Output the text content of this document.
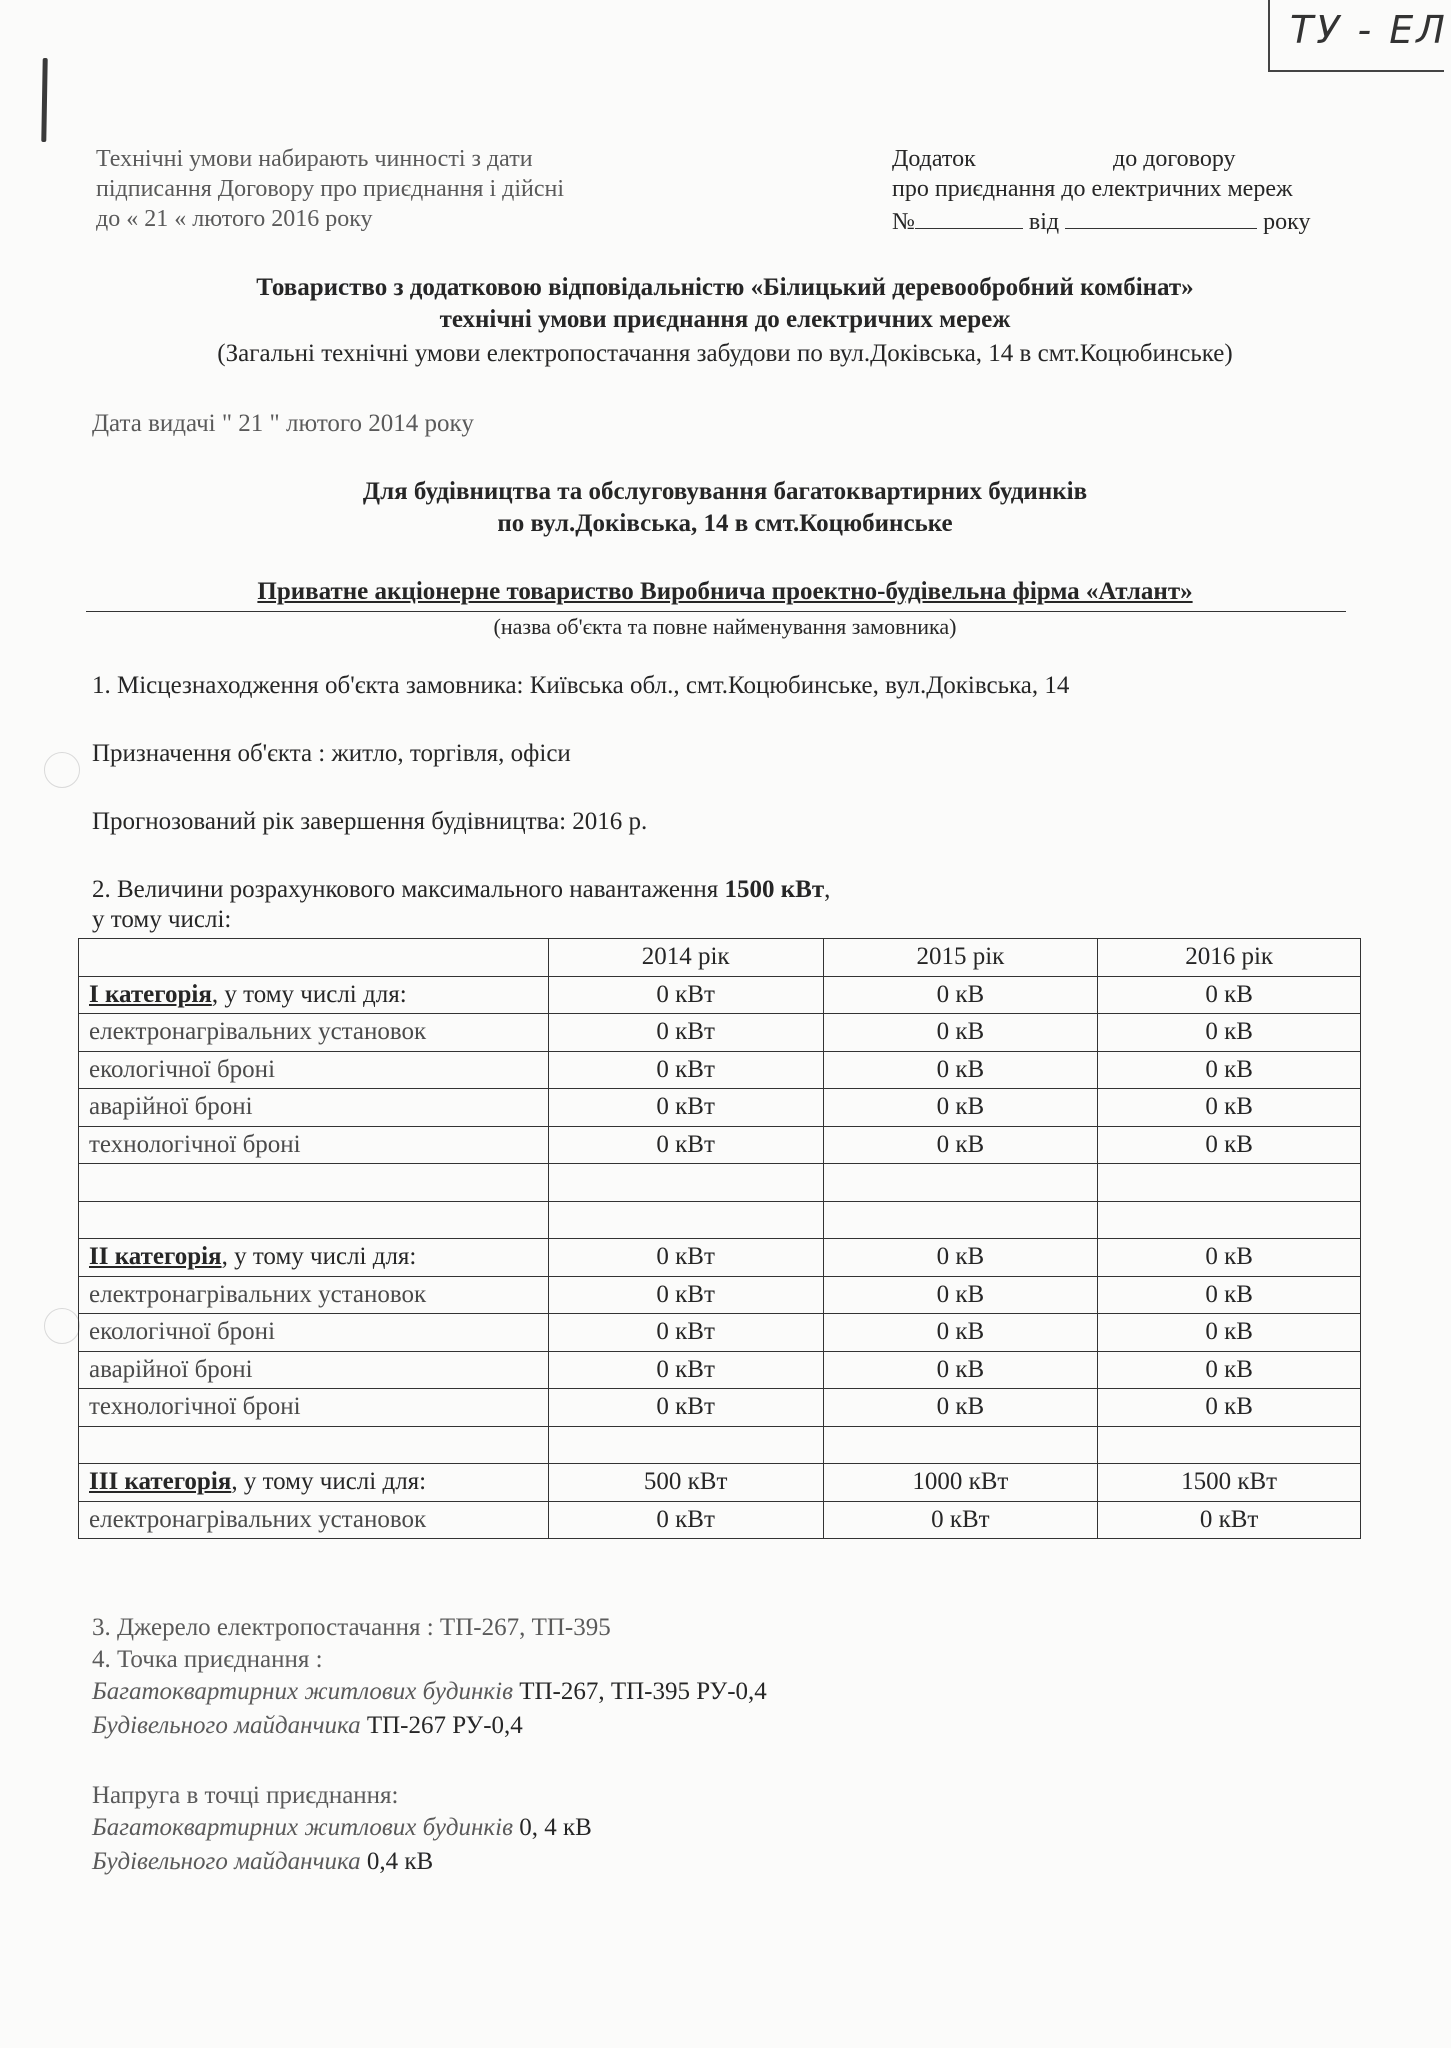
ТУ - ЕЛ
Технічні умови набирають чинності з дати
підписання Договору про приєднання і дійсні
до « 21 « лютого 2016 року
Додаток	до договору
про приєднання до електричних мереж
№	від	року
Товариство з додатковою відповідальністю «Білицький деревообробний комбінат»
технічні умови приєднання до електричних мереж
(Загальні технічні умови електропостачання забудови по вул.Доківська, 14 в смт.Коцюбинське)
Дата видачі " 21 " лютого 2014 року
Для будівництва та обслуговування багатоквартирних будинків
по вул.Доківська, 14 в смт.Коцюбинське
Приватне акціонерне товариство Виробнича проектно-будівельна фірма «Атлант»
(назва об'єкта та повне найменування замовника)
1. Місцезнаходження об'єкта замовника: Київська обл., смт.Коцюбинське, вул.Доківська, 14
Призначення об'єкта : житло, торгівля, офіси
Прогнозований рік завершення будівництва: 2016 р.
2. Величини розрахункового максимального навантаження 1500 кВт,
у тому числі:
	2014 рік	2015 рік	2016 рік
I категорія, у тому числі для:	0 кВт	0 кВ	0 кВ
електронагрівальних установок	0 кВт	0 кВ	0 кВ
екологічної броні	0 кВт	0 кВ	0 кВ
аварійної броні	0 кВт	0 кВ	0 кВ
технологічної броні	0 кВт	0 кВ	0 кВ

II категорія, у тому числі для:	0 кВт	0 кВ	0 кВ
електронагрівальних установок	0 кВт	0 кВ	0 кВ
екологічної броні	0 кВт	0 кВ	0 кВ
аварійної броні	0 кВт	0 кВ	0 кВ
технологічної броні	0 кВт	0 кВ	0 кВ

III категорія, у тому числі для:	500 кВт	1000 кВт	1500 кВт
електронагрівальних установок	0 кВт	0 кВт	0 кВт
3. Джерело електропостачання : ТП-267, ТП-395
4. Точка приєднання :
Багатоквартирних житлових будинків ТП-267, ТП-395 РУ-0,4
Будівельного майданчика ТП-267 РУ-0,4
Напруга в точці приєднання:
Багатоквартирних житлових будинків 0, 4 кВ
Будівельного майданчика 0,4 кВ
